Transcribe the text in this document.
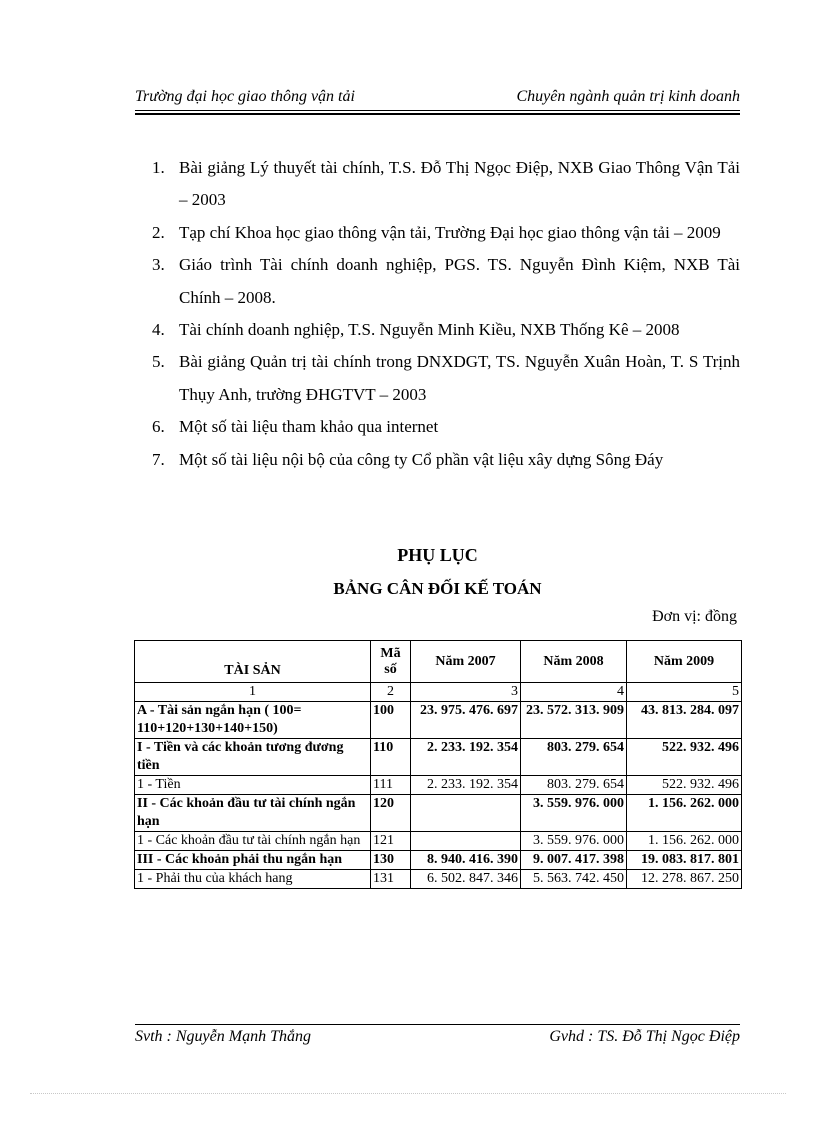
Trường đại học giao thông vận tải	Chuyên ngành quản trị kinh doanh
1. Bài giảng Lý thuyết tài chính, T.S. Đỗ Thị Ngọc Điệp, NXB Giao Thông Vận Tải – 2003
2. Tạp chí Khoa học giao thông vận tải, Trường Đại học giao thông vận tải – 2009
3. Giáo trình Tài chính doanh nghiệp, PGS. TS. Nguyễn Đình Kiệm, NXB Tài Chính – 2008.
4. Tài chính doanh nghiệp, T.S. Nguyễn Minh Kiều, NXB Thống Kê – 2008
5. Bài giảng Quản trị tài chính trong DNXDGT, TS. Nguyễn Xuân Hoàn, T. S Trịnh Thụy Anh, trường ĐHGTVT – 2003
6. Một số tài liệu tham khảo qua internet
7. Một số tài liệu nội bộ của công ty Cổ phần vật liệu xây dựng Sông Đáy
PHỤ LỤC
BẢNG CÂN ĐỐI KẾ TOÁN
Đơn vị: đồng
TÀI SẢN	Mã số	Năm 2007	Năm 2008	Năm 2009
1	2	3	4	5
A - Tài sản ngắn hạn ( 100= 110+120+130+140+150)	100	23. 975. 476. 697	23. 572. 313. 909	43. 813. 284. 097
I - Tiền và các khoản tương đương tiền	110	2. 233. 192. 354	803. 279. 654	522. 932. 496
1 - Tiền	111	2. 233. 192. 354	803. 279. 654	522. 932. 496
II - Các khoản đầu tư tài chính ngắn hạn	120		3. 559. 976. 000	1. 156. 262. 000
1 - Các khoản đầu tư tài chính ngắn hạn	121		3. 559. 976. 000	1. 156. 262. 000
III - Các khoản phải thu ngắn hạn	130	8. 940. 416. 390	9. 007. 417. 398	19. 083. 817. 801
1 - Phải thu của khách hang	131	6. 502. 847. 346	5. 563. 742. 450	12. 278. 867. 250
Svth : Nguyễn Mạnh Thắng	Gvhd : TS. Đỗ Thị Ngọc Điệp
